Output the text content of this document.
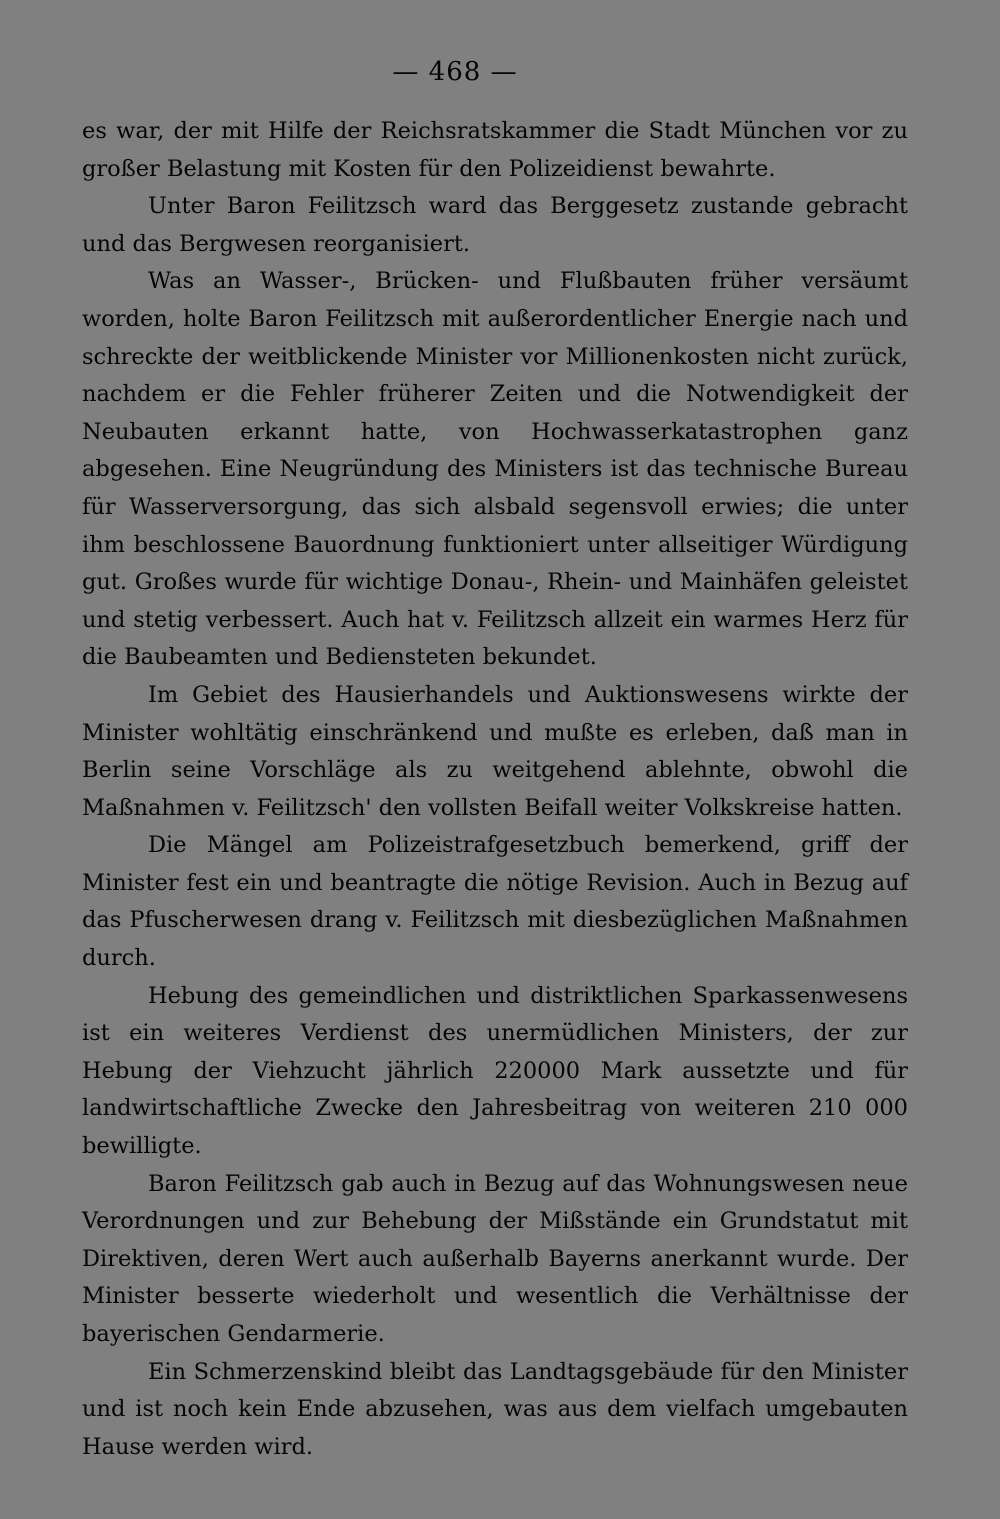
— 468 —

es war, der mit Hilfe der Reichsratskammer die Stadt München vor zu großer Belastung mit Kosten für den Polizeidienst bewahrte.

Unter Baron Feilitzsch ward das Berggesetz zustande gebracht und das Bergwesen reorganisiert.

Was an Wasser-, Brücken- und Flußbauten früher versäumt worden, holte Baron Feilitzsch mit außerordentlicher Energie nach und schreckte der weitblickende Minister vor Millionenkosten nicht zurück, nachdem er die Fehler früherer Zeiten und die Notwendigkeit der Neubauten erkannt hatte, von Hochwasserkatastrophen ganz abgesehen. Eine Neugründung des Ministers ist das technische Bureau für Wasserversorgung, das sich alsbald segensvoll erwies; die unter ihm beschlossene Bauordnung funktioniert unter allseitiger Würdigung gut. Großes wurde für wichtige Donau-, Rhein- und Mainhäfen geleistet und stetig verbessert. Auch hat v. Feilitzsch allzeit ein warmes Herz für die Baubeamten und Bediensteten bekundet.

Im Gebiet des Hausierhandels und Auktionswesens wirkte der Minister wohltätig einschränkend und mußte es erleben, daß man in Berlin seine Vorschläge als zu weitgehend ablehnte, obwohl die Maßnahmen v. Feilitzsch' den vollsten Beifall weiter Volkskreise hatten.

Die Mängel am Polizeistrafgesetzbuch bemerkend, griff der Minister fest ein und beantragte die nötige Revision. Auch in Bezug auf das Pfuscherwesen drang v. Feilitzsch mit diesbezüglichen Maßnahmen durch.

Hebung des gemeindlichen und distriktlichen Sparkassenwesens ist ein weiteres Verdienst des unermüdlichen Ministers, der zur Hebung der Viehzucht jährlich 220000 Mark aussetzte und für landwirtschaftliche Zwecke den Jahresbeitrag von weiteren 210 000 bewilligte.

Baron Feilitzsch gab auch in Bezug auf das Wohnungswesen neue Verordnungen und zur Behebung der Mißstände ein Grundstatut mit Direktiven, deren Wert auch außerhalb Bayerns anerkannt wurde. Der Minister besserte wiederholt und wesentlich die Verhältnisse der bayerischen Gendarmerie.

Ein Schmerzenskind bleibt das Landtagsgebäude für den Minister und ist noch kein Ende abzusehen, was aus dem vielfach umgebauten Hause werden wird.
